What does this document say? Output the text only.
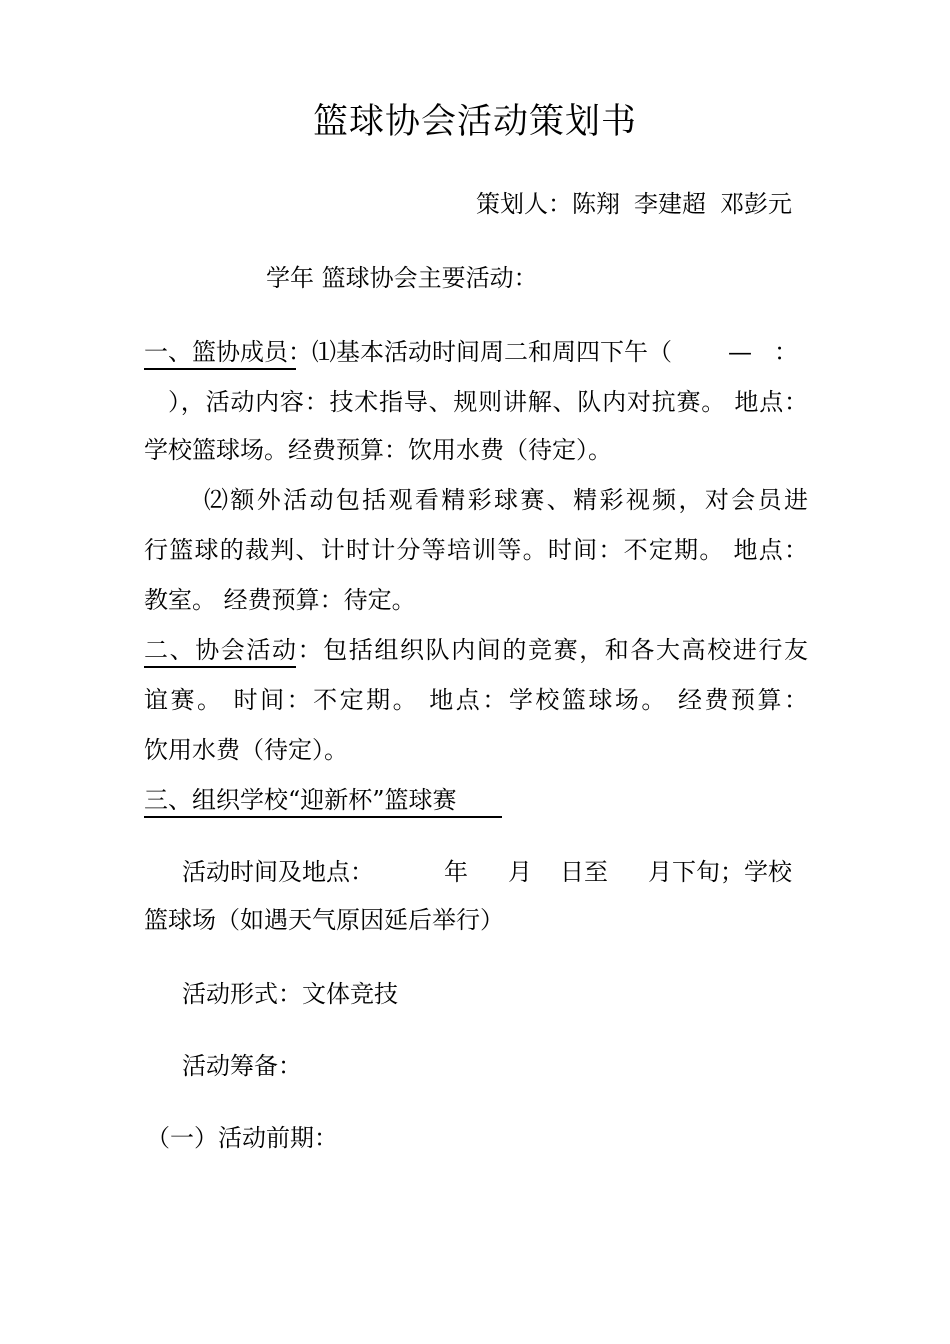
篮球协会活动策划书
策划人：陈翔 李建超 邓彭元
学年 篮球协会主要活动：
一、篮协成员：⑴基本活动时间周二和周四下午（ — ：
），活动内容：技术指导、规则讲解、队内对抗赛。 地点：
学校篮球场。经费预算：饮用水费（待定）。
⑵额外活动包括观看精彩球赛、精彩视频，对会员进
行篮球的裁判、计时计分等培训等。时间：不定期。 地点：
教室。 经费预算：待定。
二、协会活动：包括组织队内间的竞赛，和各大高校进行友
谊赛。 时间：不定期。 地点：学校篮球场。 经费预算：
饮用水费（待定）。
三、组织学校“迎新杯”篮球赛
活动时间及地点：	年 月 日至 月下旬；学校
篮球场（如遇天气原因延后举行）
活动形式：文体竞技
活动筹备：
（一）活动前期：
